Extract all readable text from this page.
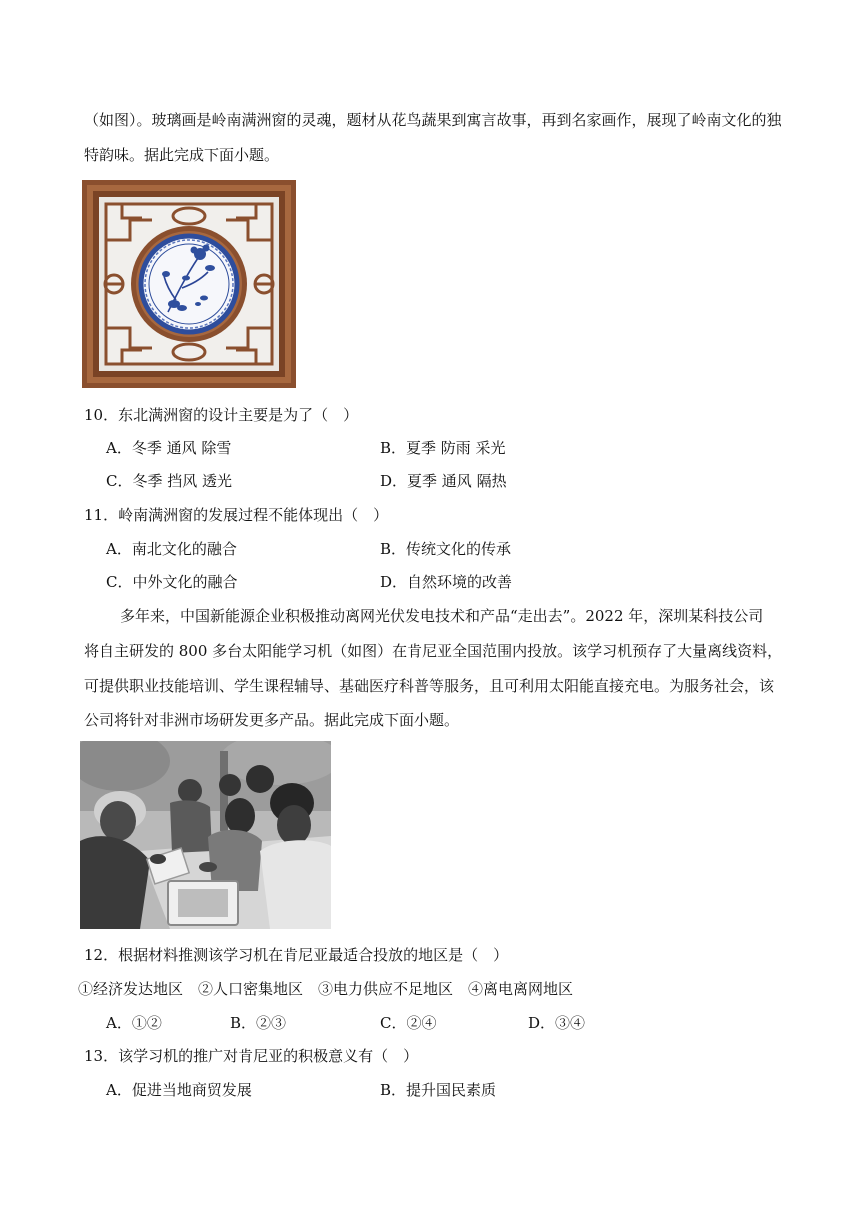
（如图）。玻璃画是岭南满洲窗的灵魂，题材从花鸟蔬果到寓言故事，再到名家画作，展现了岭南文化的独
特韵味。据此完成下面小题。
10．东北满洲窗的设计主要是为了（　）
A．冬季 通风 除雪	B．夏季 防雨 采光
C．冬季 挡风 透光	D．夏季 通风 隔热
11．岭南满洲窗的发展过程不能体现出（　）
A．南北文化的融合	B．传统文化的传承
C．中外文化的融合	D．自然环境的改善
多年来，中国新能源企业积极推动离网光伏发电技术和产品“走出去”。2022 年，深圳某科技公司
将自主研发的 800 多台太阳能学习机（如图）在肯尼亚全国范围内投放。该学习机预存了大量离线资料，
可提供职业技能培训、学生课程辅导、基础医疗科普等服务，且可利用太阳能直接充电。为服务社会，该
公司将针对非洲市场研发更多产品。据此完成下面小题。
12．根据材料推测该学习机在肯尼亚最适合投放的地区是（　）
①经济发达地区　②人口密集地区　③电力供应不足地区　④离电离网地区
A．①②	B．②③	C．②④	D．③④
13．该学习机的推广对肯尼亚的积极意义有（　）
A．促进当地商贸发展	B．提升国民素质
